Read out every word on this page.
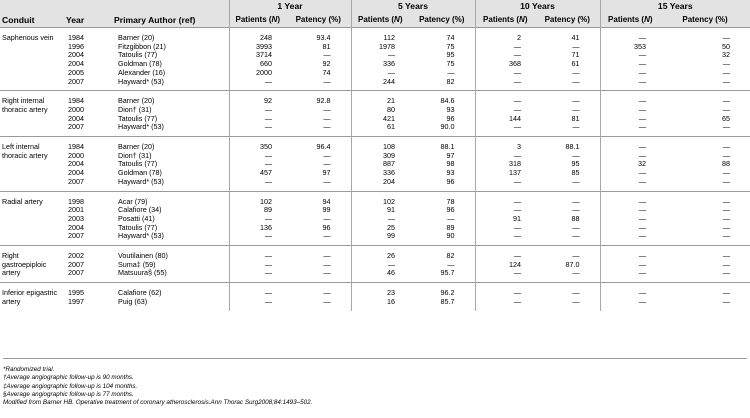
Conduit	Year	Primary Author (ref)	1 Year		5 Years		10 Years		15 Years	
			Patients (N)	Patency (%)	Patients (N)	Patency (%)	Patients (N)	Patency (%)	Patients (N)	Patency (%)
Saphenous vein	1984	Barner (20)	248	93.4	112	74	2	41	—	—
	1996	Fitzgibbon (21)	3993	81	1978	75	—	—	353	50
	2004	Tatoulis (77)	3714	—	—	95	—	71	—	32
	2004	Goldman (78)	660	92	336	75	368	61	—	—
	2005	Alexander (16)	2000	74	—	—	—	—	—	—
	2007	Hayward* (53)	—	—	244	82	—	—	—	—
Right internal thoracic artery	1984	Barner (20)	92	92.8	21	84.6	—	—	—	—
	2000	Dion† (31)	—	—	80	93	—	—	—	—
	2004	Tatoulis (77)	—	—	421	96	144	81	—	65
	2007	Hayward* (53)	—	—	61	90.0	—	—	—	—
Left internal thoracic artery	1984	Barner (20)	350	96.4	108	88.1	3	88.1	—	—
	2000	Dion† (31)	—	—	309	97	—	—	—	—
	2004	Tatoulis (77)	—	—	887	98	318	95	32	88
	2004	Goldman (78)	457	97	336	93	137	85	—	—
	2007	Hayward* (53)	—	—	204	96	—	—	—	—
Radial artery	1998	Acar (79)	102	94	102	78	—	—	—	—
	2001	Calafiore (34)	89	99	91	96	—	—	—	—
	2003	Posatti (41)	—	—	—	—	91	88	—	—
	2004	Tatoulis (77)	136	96	25	89	—	—	—	—
	2007	Hayward* (53)	—	—	99	90	—	—	—	—
Right gastroepiploic artery	2002	Voutilainen (80)	—	—	26	82	—	—	—	—
	2007	Suma‡ (59)	—	—	—	—	124	87.0	—	—
	2007	Matsuura§ (55)	—	—	46	95.7	—	—	—	—
Inferior epigastric artery	1995	Calafiore (62)	—	—	23	96.2	—	—	—	—
	1997	Puig (63)	—	—	16	85.7	—	—	—	—
*Randomized trial.
†Average angiographic follow-up is 90 months.
‡Average angiographic follow-up is 104 months.
§Average angiographic follow-up is 77 months.
Modified from Barner HB. Operative treatment of coronary atherosclerosis.Ann Thorac Surg2008;84:1493–502.
